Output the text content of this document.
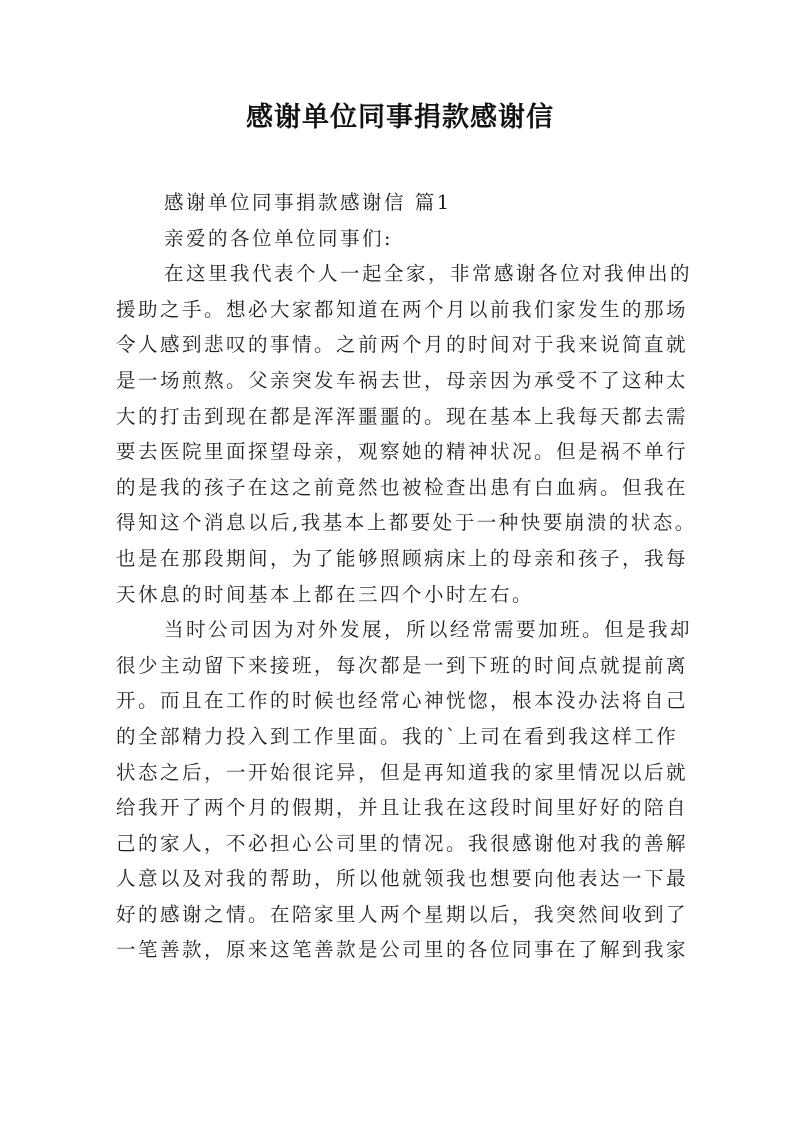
感谢单位同事捐款感谢信
感谢单位同事捐款感谢信 篇1
亲爱的各位单位同事们:
在这里我代表个人一起全家，非常感谢各位对我伸出的
援助之手。想必大家都知道在两个月以前我们家发生的那场
令人感到悲叹的事情。之前两个月的时间对于我来说简直就
是一场煎熬。父亲突发车祸去世，母亲因为承受不了这种太
大的打击到现在都是浑浑噩噩的。现在基本上我每天都去需
要去医院里面探望母亲，观察她的精神状况。但是祸不单行
的是我的孩子在这之前竟然也被检查出患有白血病。但我在
得知这个消息以后,我基本上都要处于一种快要崩溃的状态。
也是在那段期间，为了能够照顾病床上的母亲和孩子，我每
天休息的时间基本上都在三四个小时左右。
当时公司因为对外发展，所以经常需要加班。但是我却
很少主动留下来接班，每次都是一到下班的时间点就提前离
开。而且在工作的时候也经常心神恍惚，根本没办法将自己
的全部精力投入到工作里面。我的`上司在看到我这样工作
状态之后，一开始很诧异，但是再知道我的家里情况以后就
给我开了两个月的假期，并且让我在这段时间里好好的陪自
己的家人，不必担心公司里的情况。我很感谢他对我的善解
人意以及对我的帮助，所以他就领我也想要向他表达一下最
好的感谢之情。在陪家里人两个星期以后，我突然间收到了
一笔善款，原来这笔善款是公司里的各位同事在了解到我家
